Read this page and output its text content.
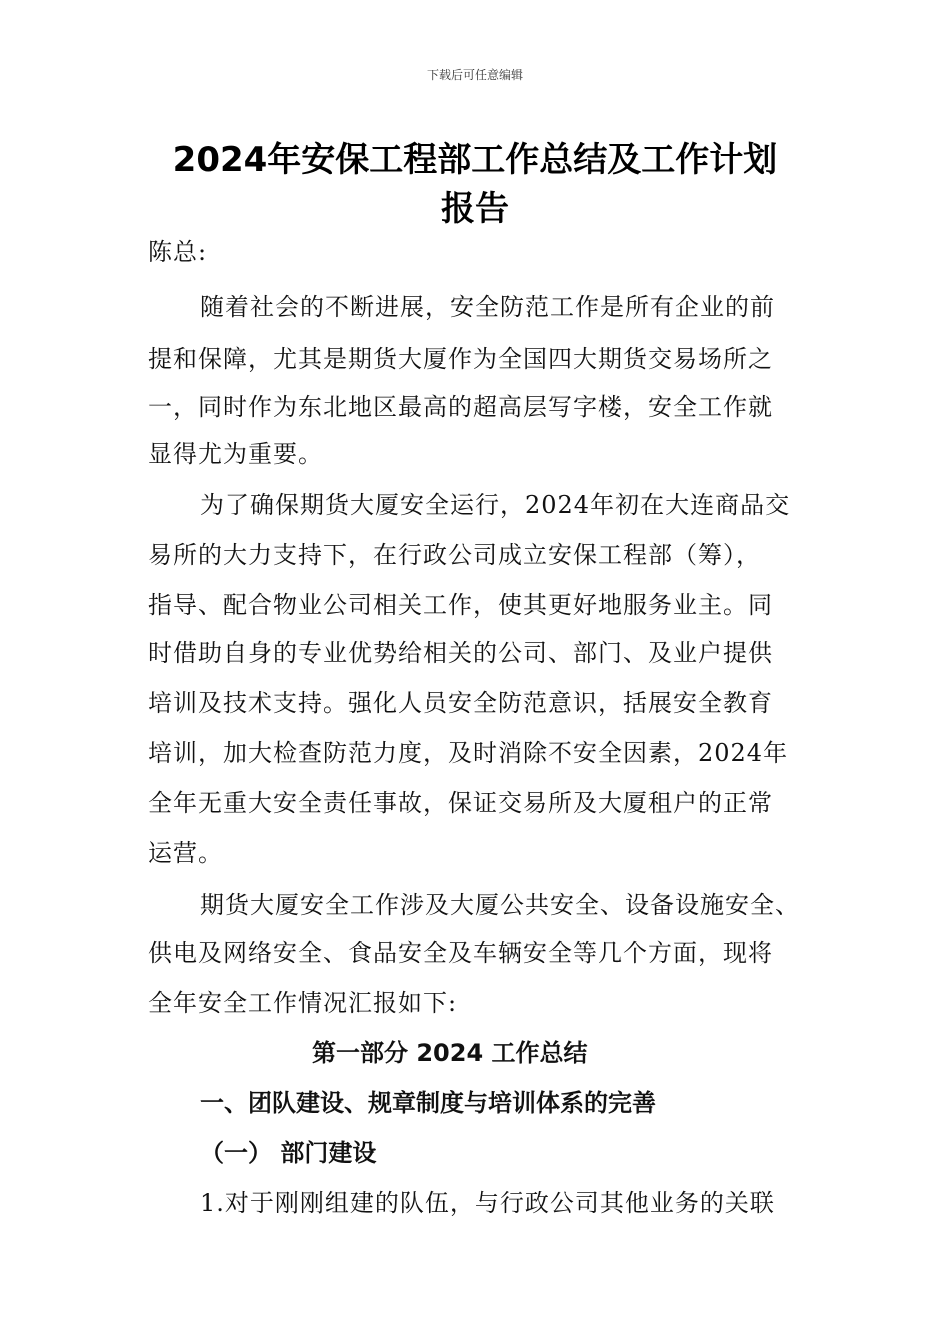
下载后可任意编辑
2024年安保工程部工作总结及工作计划
报告
陈总:
随着社会的不断进展，安全防范工作是所有企业的前
提和保障，尤其是期货大厦作为全国四大期货交易场所之
一，同时作为东北地区最高的超高层写字楼，安全工作就
显得尤为重要。
为了确保期货大厦安全运行，2024年初在大连商品交
易所的大力支持下，在行政公司成立安保工程部（筹），
指导、配合物业公司相关工作，使其更好地服务业主。同
时借助自身的专业优势给相关的公司、部门、及业户提供
培训及技术支持。强化人员安全防范意识，括展安全教育
培训，加大检查防范力度，及时消除不安全因素，2024年
全年无重大安全责任事故，保证交易所及大厦租户的正常
运营。
期货大厦安全工作涉及大厦公共安全、设备设施安全、
供电及网络安全、食品安全及车辆安全等几个方面，现将
全年安全工作情况汇报如下:
第一部分 2024 工作总结
一、团队建设、规章制度与培训体系的完善
（一） 部门建设
1.对于刚刚组建的队伍，与行政公司其他业务的关联
